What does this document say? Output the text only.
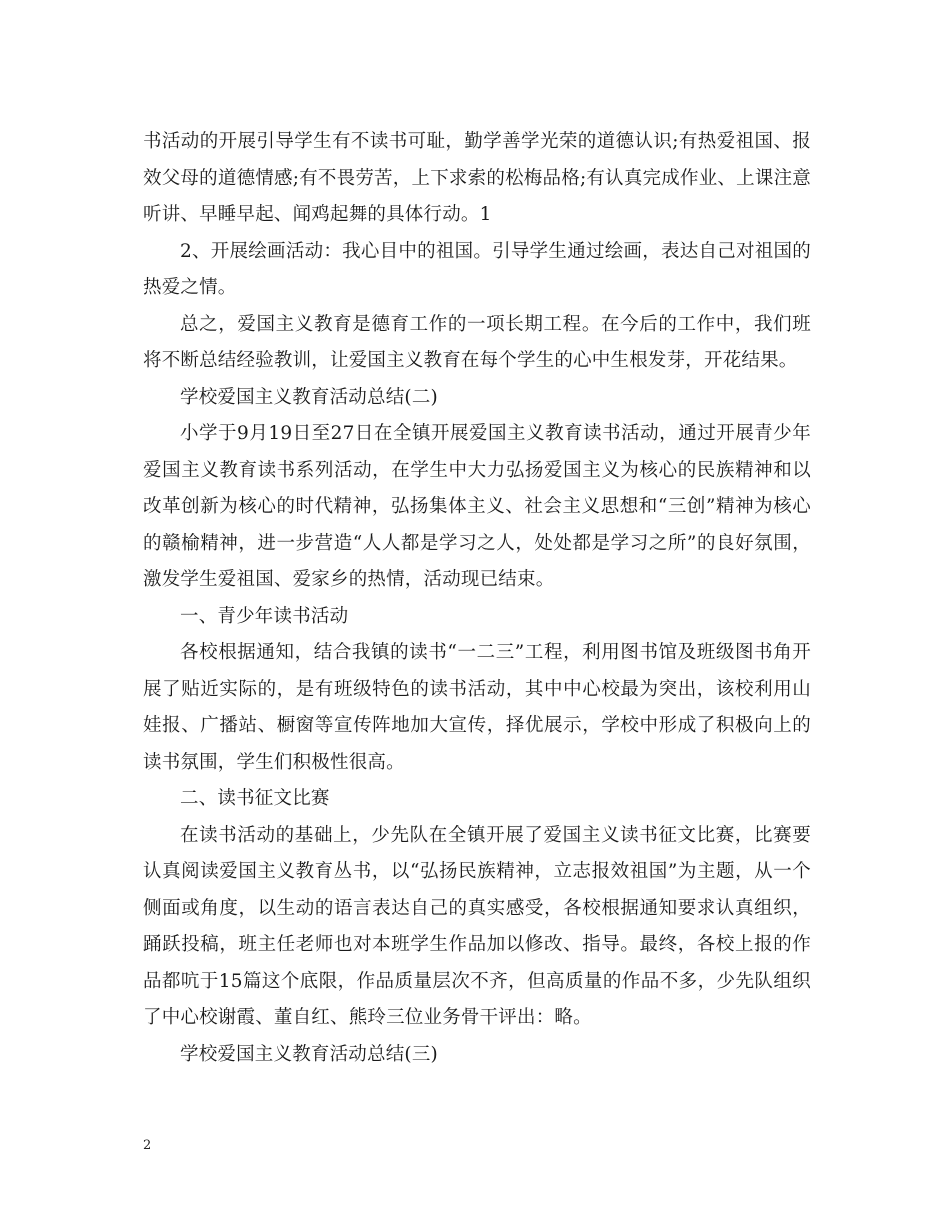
书活动的开展引导学生有不读书可耻，勤学善学光荣的道德认识;有热爱祖国、报效父母的道德情感;有不畏劳苦，上下求索的松梅品格;有认真完成作业、上课注意听讲、早睡早起、闻鸡起舞的具体行动。1

2、开展绘画活动：我心目中的祖国。引导学生通过绘画，表达自己对祖国的热爱之情。

总之，爱国主义教育是德育工作的一项长期工程。在今后的工作中，我们班将不断总结经验教训，让爱国主义教育在每个学生的心中生根发芽，开花结果。

学校爱国主义教育活动总结(二)

小学于9月19日至27日在全镇开展爱国主义教育读书活动，通过开展青少年爱国主义教育读书系列活动，在学生中大力弘扬爱国主义为核心的民族精神和以改革创新为核心的时代精神，弘扬集体主义、社会主义思想和“三创”精神为核心的赣榆精神，进一步营造“人人都是学习之人，处处都是学习之所”的良好氛围，激发学生爱祖国、爱家乡的热情，活动现已结束。

一、青少年读书活动

各校根据通知，结合我镇的读书“一二三”工程，利用图书馆及班级图书角开展了贴近实际的，是有班级特色的读书活动，其中中心校最为突出，该校利用山娃报、广播站、橱窗等宣传阵地加大宣传，择优展示，学校中形成了积极向上的读书氛围，学生们积极性很高。

二、读书征文比赛

在读书活动的基础上，少先队在全镇开展了爱国主义读书征文比赛，比赛要认真阅读爱国主义教育丛书，以“弘扬民族精神，立志报效祖国”为主题，从一个侧面或角度，以生动的语言表达自己的真实感受，各校根据通知要求认真组织，踊跃投稿，班主任老师也对本班学生作品加以修改、指导。最终，各校上报的作品都吭于15篇这个底限，作品质量层次不齐，但高质量的作品不多，少先队组织了中心校谢霞、董自红、熊玲三位业务骨干评出：略。

学校爱国主义教育活动总结(三)

2
